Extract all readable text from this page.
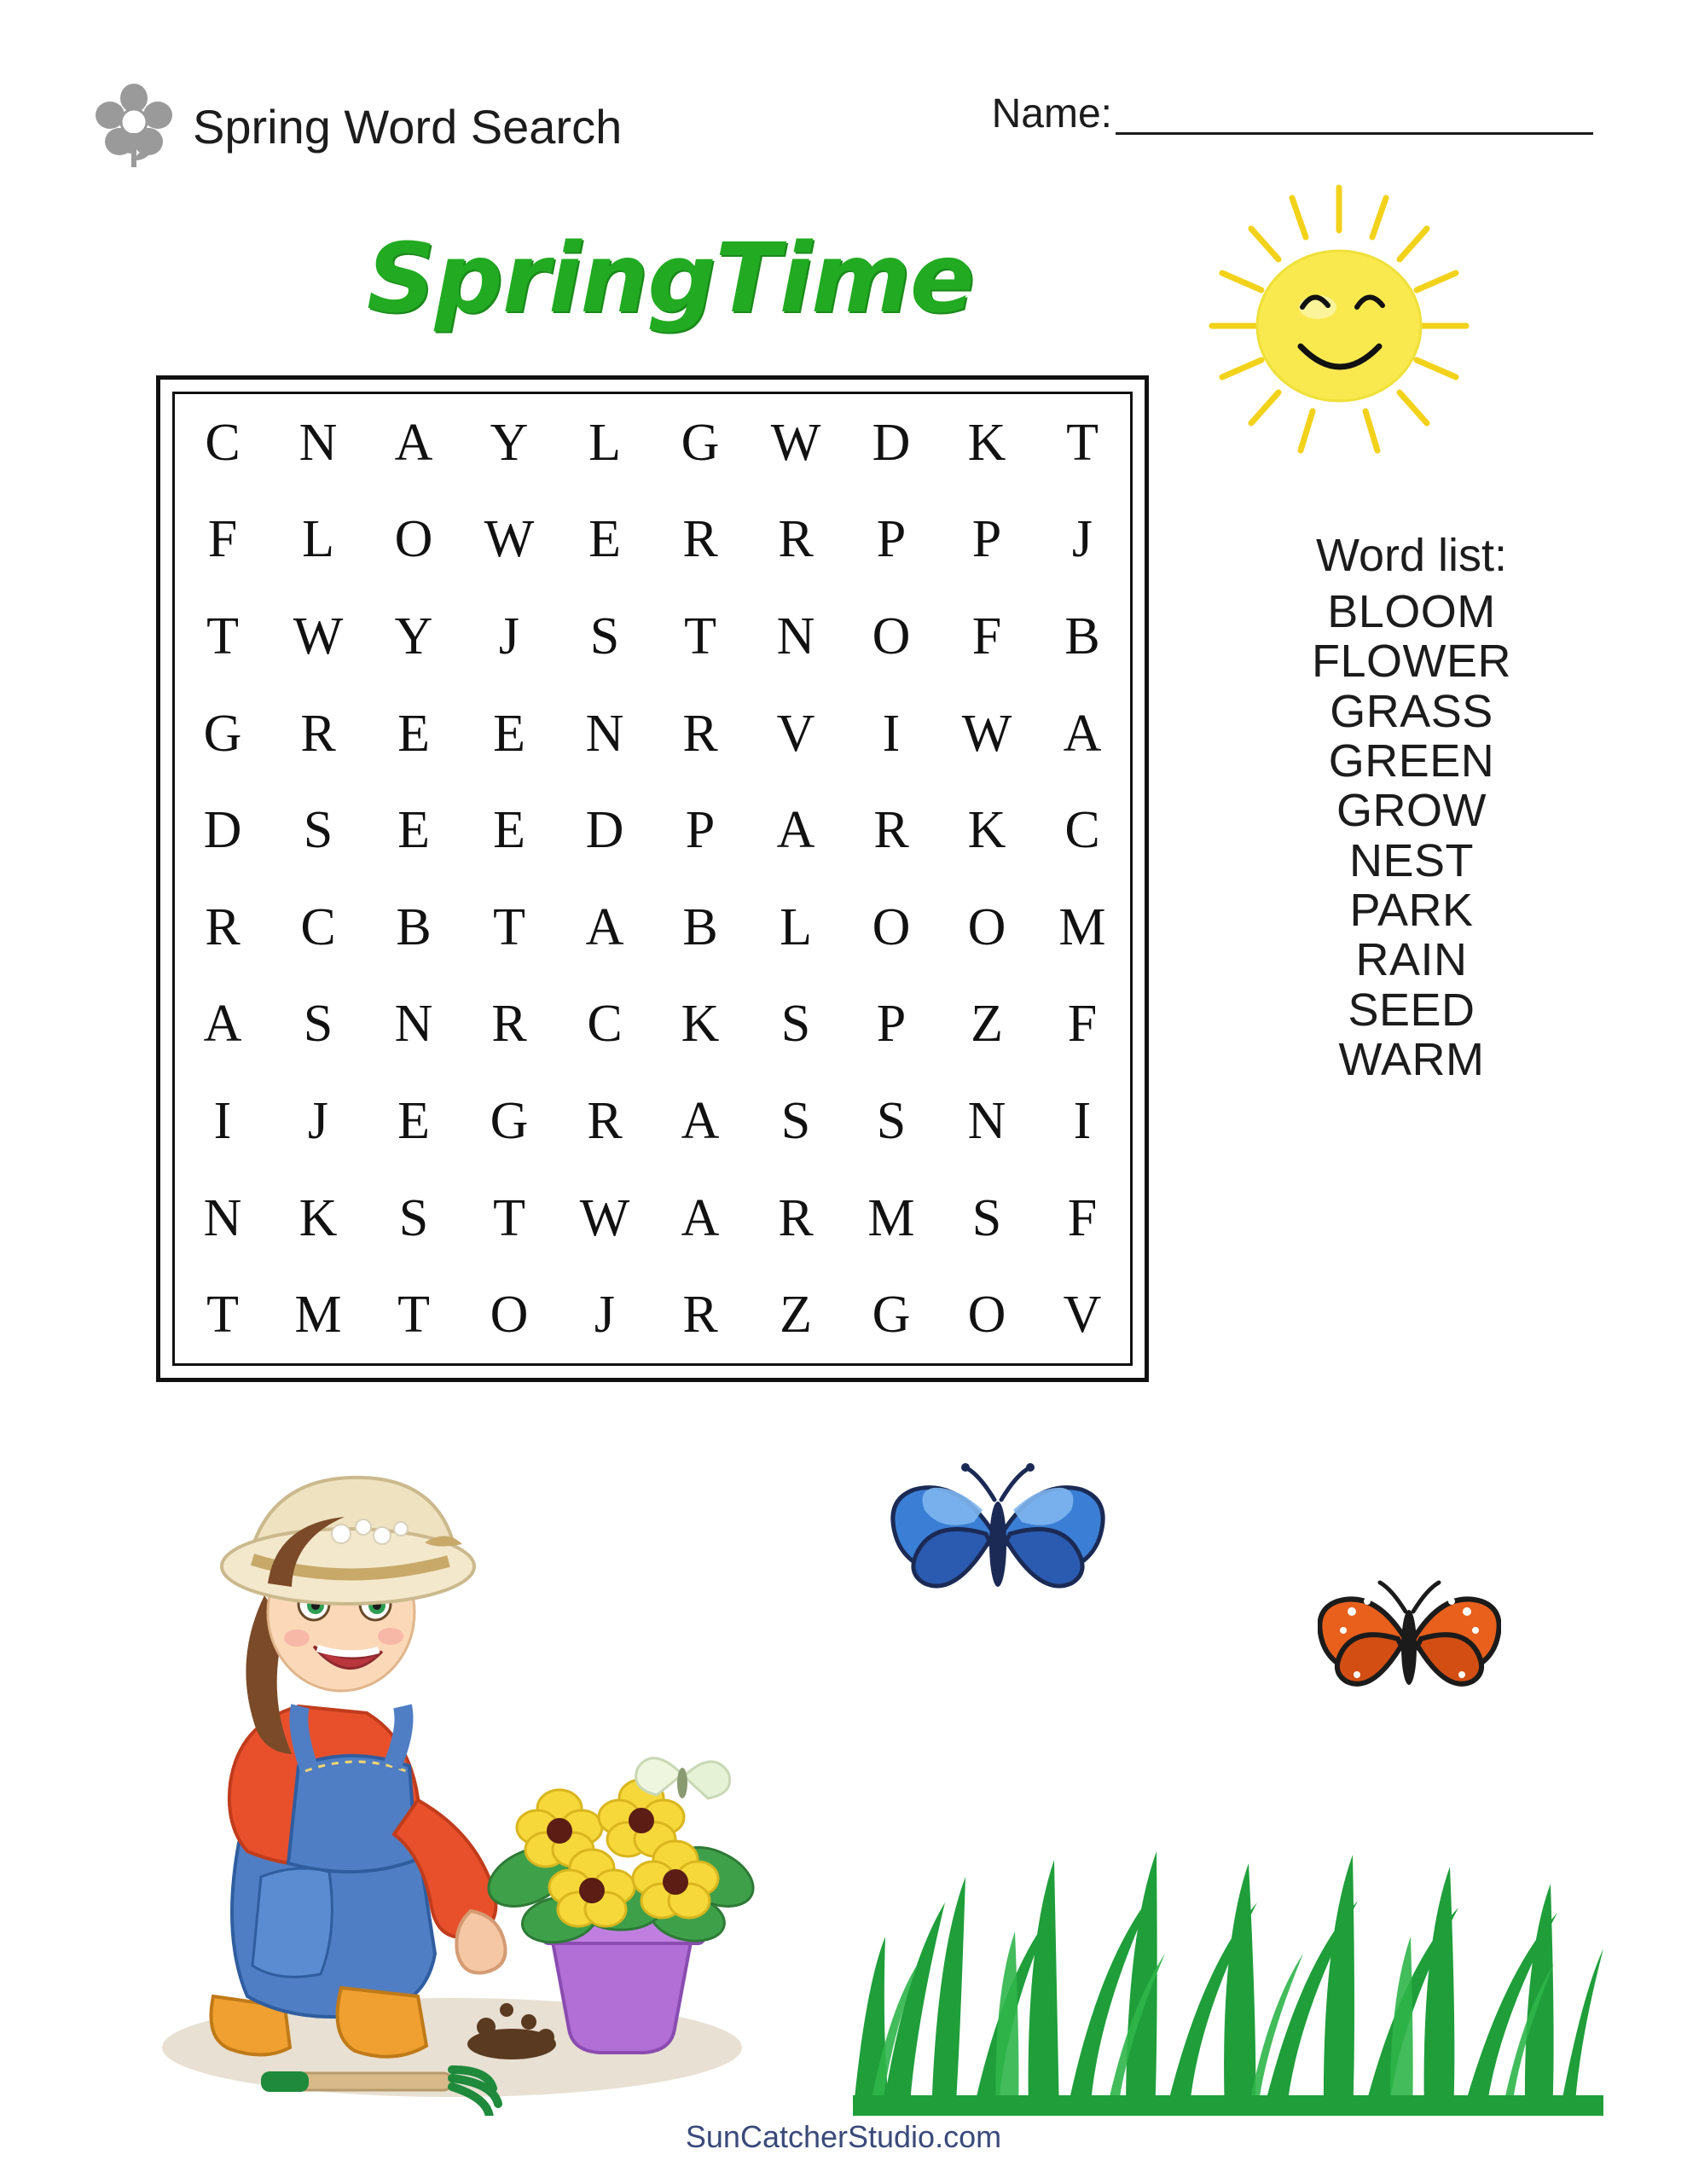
Spring Word Search	Name:
SpringTime
C N A Y L G W D K T
F L O W E R R P P J
T W Y J S T N O F B
G R E E N R V I W A
D S E E D P A R K C
R C B T A B L O O M
A S N R C K S P Z F
I J E G R A S S N I
N K S T W A R M S F
T M T O J R Z G O V
Word list:
BLOOM
FLOWER
GRASS
GREEN
GROW
NEST
PARK
RAIN
SEED
WARM
SunCatcherStudio.com
